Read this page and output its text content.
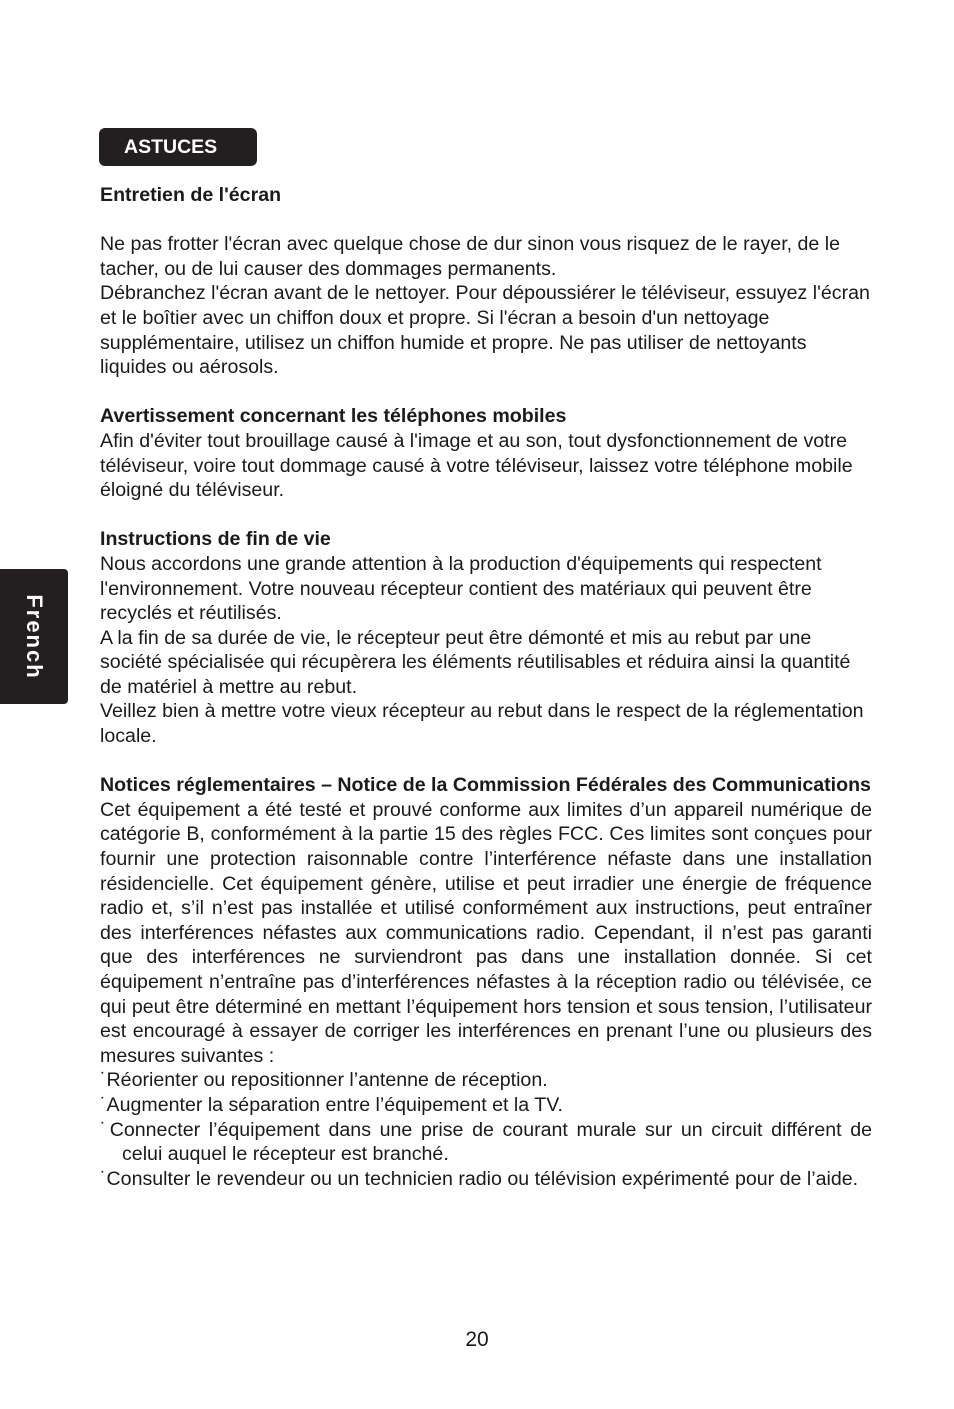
ASTUCES
French

Entretien de l'écran

Ne pas frotter l'écran avec quelque chose de dur sinon vous risquez de le rayer, de le tacher, ou de lui causer des dommages permanents.

Débranchez l'écran avant de le nettoyer. Pour dépoussiérer le téléviseur, essuyez l'écran et le boîtier avec un chiffon doux et propre. Si l'écran a besoin d'un nettoyage supplémentaire, utilisez un chiffon humide et propre. Ne pas utiliser de nettoyants liquides ou aérosols.

Avertissement concernant les téléphones mobiles

Afin d'éviter tout brouillage causé à l'image et au son, tout dysfonctionnement de votre téléviseur, voire tout dommage causé à votre téléviseur, laissez votre téléphone mobile éloigné du téléviseur.

Instructions de fin de vie

Nous accordons une grande attention à la production d'équipements qui respectent l'environnement. Votre nouveau récepteur contient des matériaux qui peuvent être recyclés et réutilisés.

A la fin de sa durée de vie, le récepteur peut être démonté et mis au rebut par une société spécialisée qui récupèrera les éléments réutilisables et réduira ainsi la quantité de matériel à mettre au rebut.

Veillez bien à mettre votre vieux récepteur au rebut dans le respect de la réglementation locale.

Notices réglementaires – Notice de la Commission Fédérales des Communications

Cet équipement a été testé et prouvé conforme aux limites d’un appareil numérique de catégorie B, conformément à la partie 15 des règles FCC. Ces limites sont conçues pour fournir une protection raisonnable contre l’interférence néfaste dans une installation résidencielle. Cet équipement génère, utilise et peut irradier une énergie de fréquence radio et, s’il n’est pas installée et utilisé conformément aux instructions, peut entraîner des interférences néfastes aux communications radio. Cependant, il n’est pas garanti que des interférences ne surviendront pas dans une installation donnée. Si cet équipement n’entraîne pas d’interférences néfastes à la réception radio ou télévisée, ce qui peut être déterminé en mettant l’équipement hors tension et sous tension, l’utilisateur est encouragé à essayer de corriger les interférences en prenant l’une ou plusieurs des mesures suivantes :

˙Réorienter ou repositionner l’antenne de réception.

˙Augmenter la séparation entre l’équipement et la TV.

˙Connecter l’équipement dans une prise de courant murale sur un circuit différent de celui auquel le récepteur est branché.

˙Consulter le revendeur ou un technicien radio ou télévision expérimenté pour de l’aide.

20
